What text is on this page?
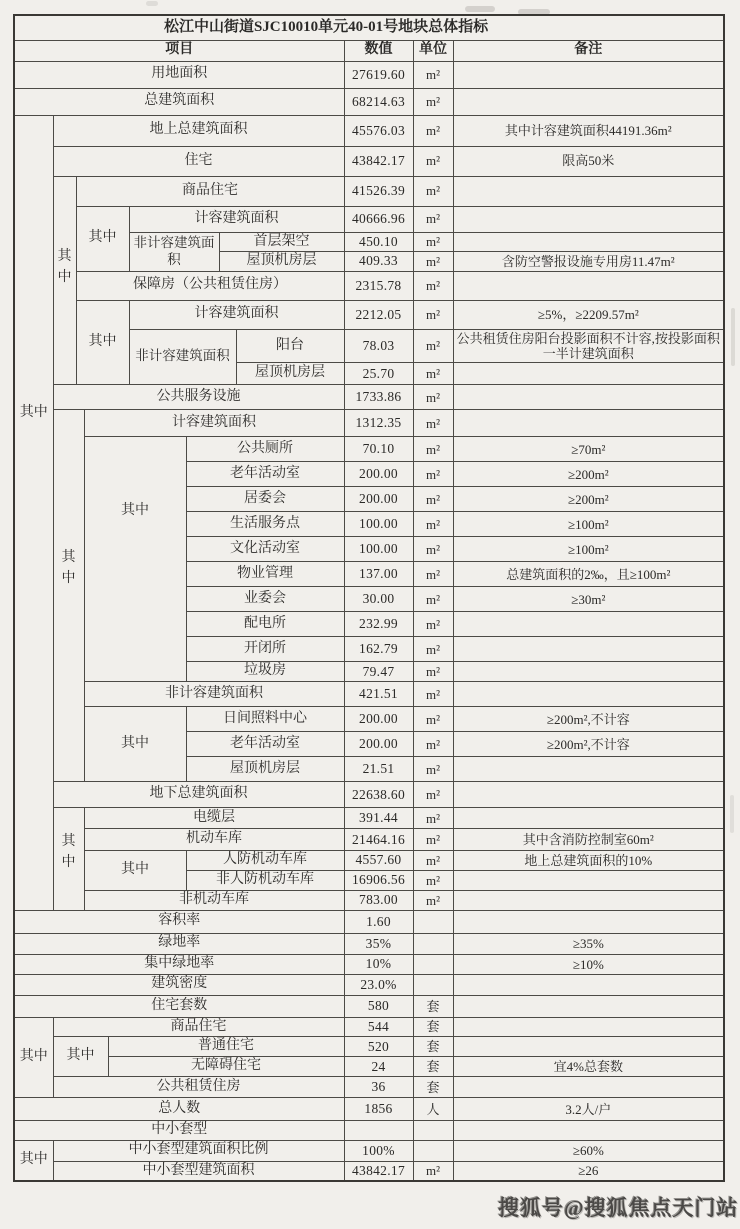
松江中山街道SJC10010单元40-01号地块总体指标											
项目									数值	单位	备注
用地面积									27619.60	m²	
总建筑面积									68214.63	m²	
其中	地上总建筑面积								45576.03	m²	其中计容建筑面积44191.36m²
	住宅								43842.17	m²	限高50米
	其中	商品住宅							41526.39	m²	
		其中			计容建筑面积				40666.96	m²	
					非计容建筑面积		首层架空		450.10	m²	
							屋顶机房层		409.33	m²	含防空警报设施专用房11.47m²
		保障房（公共租赁住房）							2315.78	m²	
		其中			计容建筑面积				2212.05	m²	≥5%，≥2209.57m²
					非计容建筑面积			阳台	78.03	m²	公共租赁住房阳台投影面积不计容,按投影面积一半计建筑面积
								屋顶机房层	25.70	m²	
	公共服务设施								1733.86	m²	
	其中		计容建筑面积						1312.35	m²	
			其中			公共厕所			70.10	m²	≥70m²
						老年活动室			200.00	m²	≥200m²
						居委会			200.00	m²	≥200m²
						生活服务点			100.00	m²	≥100m²
						文化活动室			100.00	m²	≥100m²
						物业管理			137.00	m²	总建筑面积的2‰，且≥100m²
						业委会			30.00	m²	≥30m²
						配电所			232.99	m²	
						开闭所			162.79	m²	
						垃圾房			79.47	m²	
			非计容建筑面积						421.51	m²	
			其中			日间照料中心			200.00	m²	≥200m²,不计容
						老年活动室			200.00	m²	≥200m²,不计容
						屋顶机房层			21.51	m²	
	地下总建筑面积								22638.60	m²	
	其中		电缆层						391.44	m²	
			机动车库						21464.16	m²	其中含消防控制室60m²
			其中			人防机动车库			4557.60	m²	地上总建筑面积的10%
						非人防机动车库			16906.56	m²	
			非机动车库						783.00	m²	
容积率									1.60		
绿地率									35%		≥35%
集中绿地率									10%		≥10%
建筑密度									23.0%		
住宅套数									580	套	
其中	商品住宅								544	套	
	其中			普通住宅					520	套	
				无障碍住宅					24	套	宜4%总套数
	公共租赁住房								36	套	
总人数									1856	人	3.2人/户
中小套型											
其中	中小套型建筑面积比例								100%		≥60%
	中小套型建筑面积								43842.17	m²	≥26
搜狐号@搜狐焦点天门站
